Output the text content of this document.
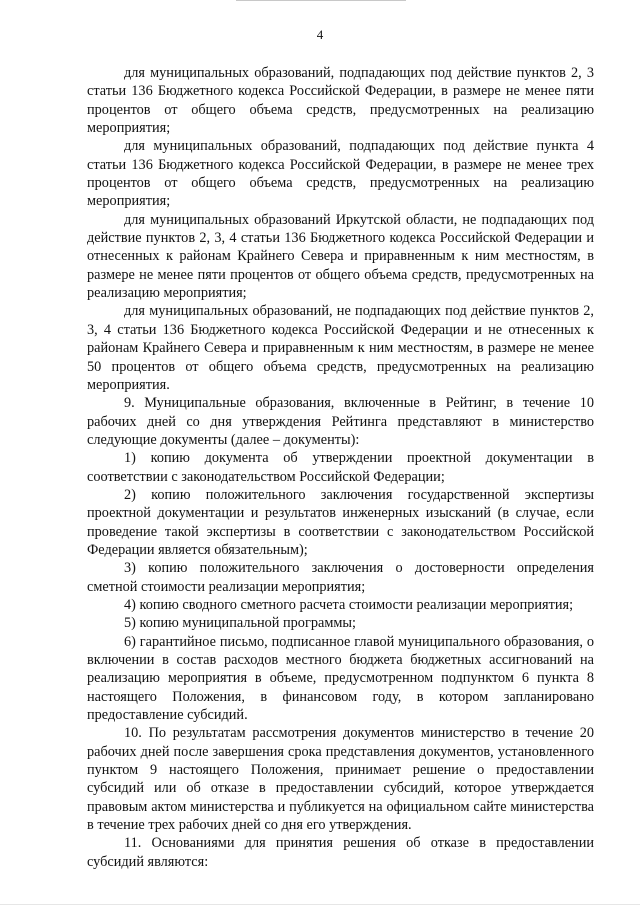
4

для муниципальных образований, подпадающих под действие пунктов 2, 3 статьи 136 Бюджетного кодекса Российской Федерации, в размере не менее пяти процентов от общего объема средств, предусмотренных на реализацию мероприятия;

для муниципальных образований, подпадающих под действие пункта 4 статьи 136 Бюджетного кодекса Российской Федерации, в размере не менее трех процентов от общего объема средств, предусмотренных на реализацию мероприятия;

для муниципальных образований Иркутской области, не подпадающих под действие пунктов 2, 3, 4 статьи 136 Бюджетного кодекса Российской Федерации и отнесенных к районам Крайнего Севера и приравненным к ним местностям, в размере не менее пяти процентов от общего объема средств, предусмотренных на реализацию мероприятия;

для муниципальных образований, не подпадающих под действие пунктов 2, 3, 4 статьи 136 Бюджетного кодекса Российской Федерации и не отнесенных к районам Крайнего Севера и приравненным к ним местностям, в размере не менее 50 процентов от общего объема средств, предусмотренных на реализацию мероприятия.

9. Муниципальные образования, включенные в Рейтинг, в течение 10 рабочих дней со дня утверждения Рейтинга представляют в министерство следующие документы (далее – документы):

1) копию документа об утверждении проектной документации в соответствии с законодательством Российской Федерации;

2) копию положительного заключения государственной экспертизы проектной документации и результатов инженерных изысканий (в случае, если проведение такой экспертизы в соответствии с законодательством Российской Федерации является обязательным);

3) копию положительного заключения о достоверности определения сметной стоимости реализации мероприятия;

4) копию сводного сметного расчета стоимости реализации мероприятия;

5) копию муниципальной программы;

6) гарантийное письмо, подписанное главой муниципального образования, о включении в состав расходов местного бюджета бюджетных ассигнований на реализацию мероприятия в объеме, предусмотренном подпунктом 6 пункта 8 настоящего Положения, в финансовом году, в котором запланировано предоставление субсидий.

10. По результатам рассмотрения документов министерство в течение 20 рабочих дней после завершения срока представления документов, установленного пунктом 9 настоящего Положения, принимает решение о предоставлении субсидий или об отказе в предоставлении субсидий, которое утверждается правовым актом министерства и публикуется на официальном сайте министерства в течение трех рабочих дней со дня его утверждения.

11. Основаниями для принятия решения об отказе в предоставлении субсидий являются:
